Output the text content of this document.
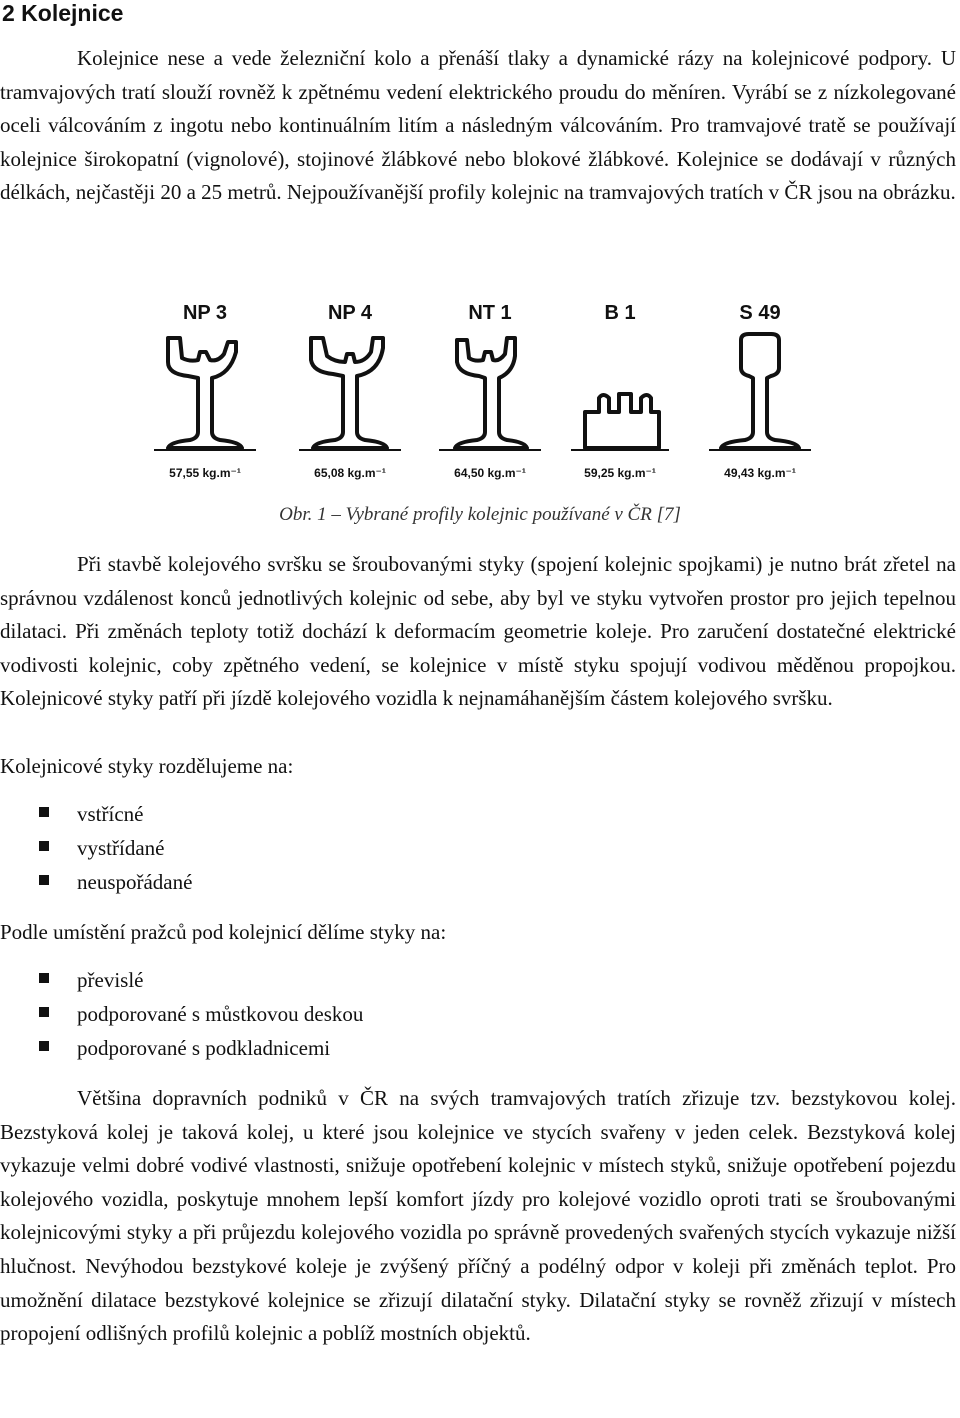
2 Kolejnice

Kolejnice nese a vede železniční kolo a přenáší tlaky a dynamické rázy na kolejnicové podpory. U tramvajových tratí slouží rovněž k zpětnému vedení elektrického proudu do měníren. Vyrábí se z nízkolegované oceli válcováním z ingotu nebo kontinuálním litím a následným válcováním. Pro tramvajové tratě se používají kolejnice širokopatní (vignolové), stojinové žlábkové nebo blokové žlábkové. Kolejnice se dodávají v různých délkách, nejčastěji 20 a 25 metrů. Nejpoužívanější profily kolejnic na tramvajových tratích v ČR jsou na obrázku.

NP 3
57,55 kg.m⁻¹
NP 4
65,08 kg.m⁻¹
NT 1
64,50 kg.m⁻¹
B 1
59,25 kg.m⁻¹
S 49
49,43 kg.m⁻¹
Obr. 1 – Vybrané profily kolejnic používané v ČR [7]

Při stavbě kolejového svršku se šroubovanými styky (spojení kolejnic spojkami) je nutno brát zřetel na správnou vzdálenost konců jednotlivých kolejnic od sebe, aby byl ve styku vytvořen prostor pro jejich tepelnou dilataci. Při změnách teploty totiž dochází k deformacím geometrie koleje. Pro zaručení dostatečné elektrické vodivosti kolejnic, coby zpětného vedení, se kolejnice v místě styku spojují vodivou měděnou propojkou. Kolejnicové styky patří při jízdě kolejového vozidla k nejnamáhanějším částem kolejového svršku.

Kolejnicové styky rozdělujeme na:

vstřícné
vystřídané
neuspořádané

Podle umístění pražců pod kolejnicí dělíme styky na:

převislé
podporované s můstkovou deskou
podporované s podkladnicemi

Většina dopravních podniků v ČR na svých tramvajových tratích zřizuje tzv. bezstykovou kolej. Bezstyková kolej je taková kolej, u které jsou kolejnice ve stycích svařeny v jeden celek. Bezstyková kolej vykazuje velmi dobré vodivé vlastnosti, snižuje opotřebení kolejnic v místech styků, snižuje opotřebení pojezdu kolejového vozidla, poskytuje mnohem lepší komfort jízdy pro kolejové vozidlo oproti trati se šroubovanými kolejnicovými styky a při průjezdu kolejového vozidla po správně provedených svařených stycích vykazuje nižší hlučnost. Nevýhodou bezstykové koleje je zvýšený příčný a podélný odpor v koleji při změnách teplot. Pro umožnění dilatace bezstykové kolejnice se zřizují dilatační styky. Dilatační styky se rovněž zřizují v místech propojení odlišných profilů kolejnic a poblíž mostních objektů.
